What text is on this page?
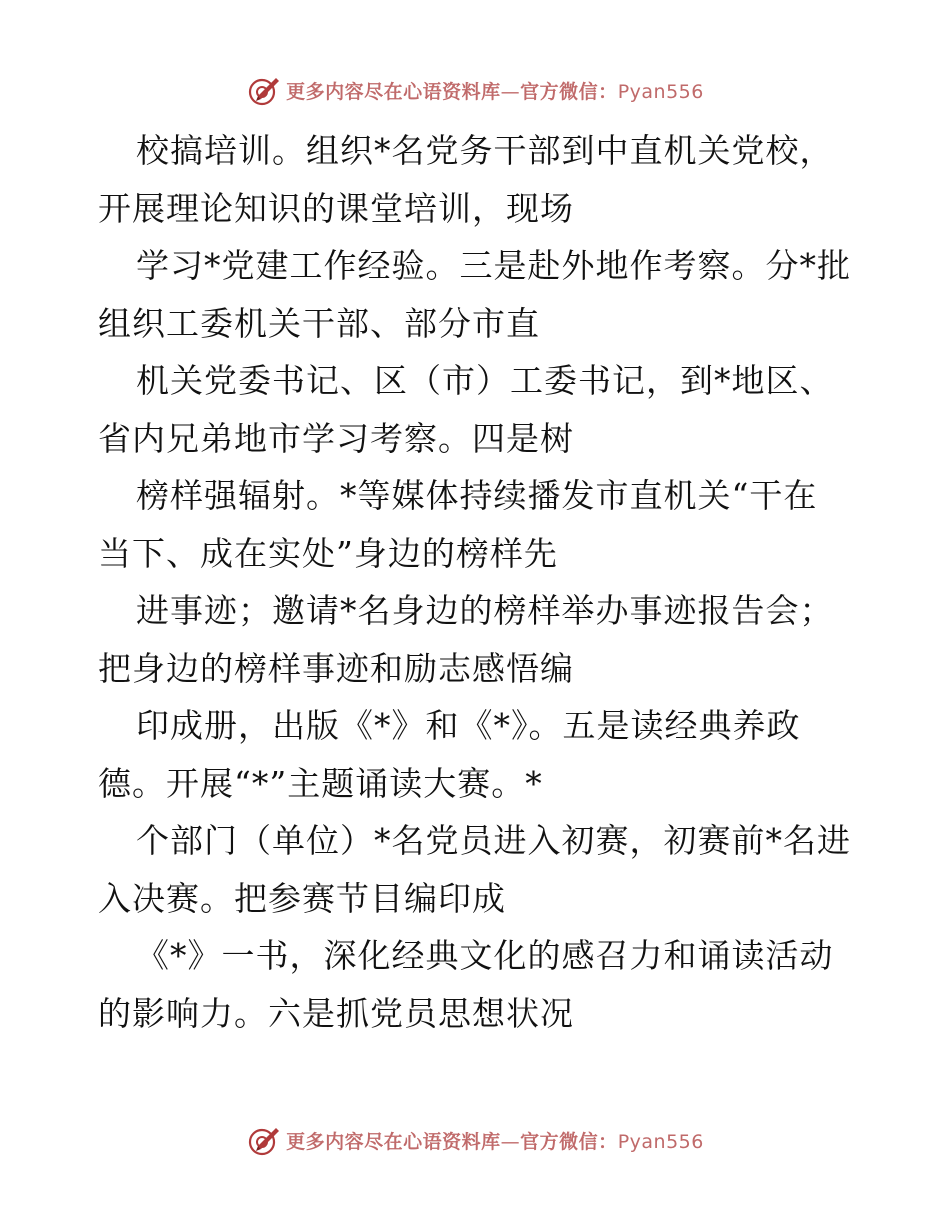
更多内容尽在心语资料库—官方微信：Pyan556
校搞培训。组织*名党务干部到中直机关党校，
开展理论知识的课堂培训，现场
学习*党建工作经验。三是赴外地作考察。分*批
组织工委机关干部、部分市直
机关党委书记、区（市）工委书记，到*地区、
省内兄弟地市学习考察。四是树
榜样强辐射。*等媒体持续播发市直机关“干在
当下、成在实处”身边的榜样先
进事迹；邀请*名身边的榜样举办事迹报告会；
把身边的榜样事迹和励志感悟编
印成册，出版《*》和《*》。五是读经典养政
德。开展“*”主题诵读大赛。*
个部门（单位）*名党员进入初赛，初赛前*名进
入决赛。把参赛节目编印成
《*》一书，深化经典文化的感召力和诵读活动
的影响力。六是抓党员思想状况
更多内容尽在心语资料库—官方微信：Pyan556
